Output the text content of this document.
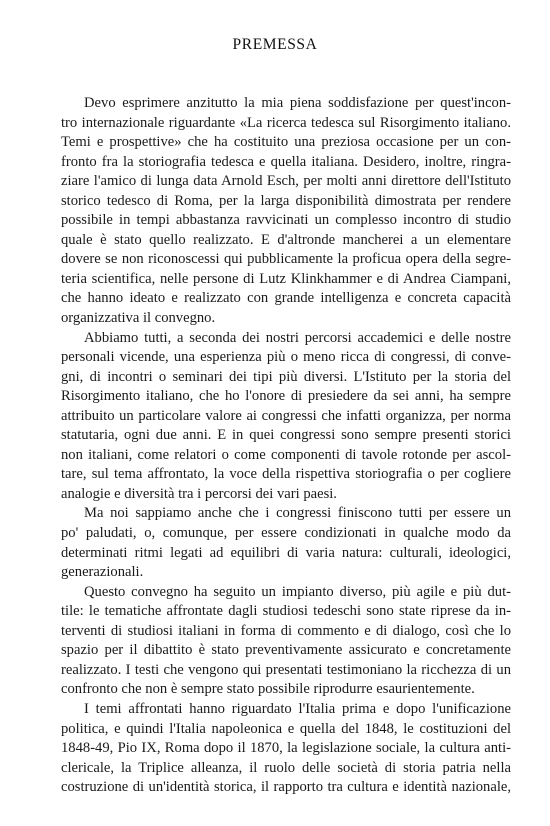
PREMESSA

Devo esprimere anzitutto la mia piena soddisfazione per quest'incon-
tro internazionale riguardante «La ricerca tedesca sul Risorgimento italiano.
Temi e prospettive» che ha costituito una preziosa occasione per un con-
fronto fra la storiografia tedesca e quella italiana. Desidero, inoltre, ringra-
ziare l'amico di lunga data Arnold Esch, per molti anni direttore dell'Istituto
storico tedesco di Roma, per la larga disponibilità dimostrata per rendere
possibile in tempi abbastanza ravvicinati un complesso incontro di studio
quale è stato quello realizzato. E d'altronde mancherei a un elementare
dovere se non riconoscessi qui pubblicamente la proficua opera della segre-
teria scientifica, nelle persone di Lutz Klinkhammer e di Andrea Ciampani,
che hanno ideato e realizzato con grande intelligenza e concreta capacità
organizzativa il convegno.

Abbiamo tutti, a seconda dei nostri percorsi accademici e delle nostre
personali vicende, una esperienza più o meno ricca di congressi, di conve-
gni, di incontri o seminari dei tipi più diversi. L'Istituto per la storia del
Risorgimento italiano, che ho l'onore di presiedere da sei anni, ha sempre
attribuito un particolare valore ai congressi che infatti organizza, per norma
statutaria, ogni due anni. E in quei congressi sono sempre presenti storici
non italiani, come relatori o come componenti di tavole rotonde per ascol-
tare, sul tema affrontato, la voce della rispettiva storiografia o per cogliere
analogie e diversità tra i percorsi dei vari paesi.

Ma noi sappiamo anche che i congressi finiscono tutti per essere un
po' paludati, o, comunque, per essere condizionati in qualche modo da
determinati ritmi legati ad equilibri di varia natura: culturali, ideologici,
generazionali.

Questo convegno ha seguito un impianto diverso, più agile e più dut-
tile: le tematiche affrontate dagli studiosi tedeschi sono state riprese da in-
terventi di studiosi italiani in forma di commento e di dialogo, così che lo
spazio per il dibattito è stato preventivamente assicurato e concretamente
realizzato. I testi che vengono qui presentati testimoniano la ricchezza di un
confronto che non è sempre stato possibile riprodurre esaurientemente.

I temi affrontati hanno riguardato l'Italia prima e dopo l'unificazione
politica, e quindi l'Italia napoleonica e quella del 1848, le costituzioni del
1848-49, Pio IX, Roma dopo il 1870, la legislazione sociale, la cultura anti-
clericale, la Triplice alleanza, il ruolo delle società di storia patria nella
costruzione di un'identità storica, il rapporto tra cultura e identità nazionale,
